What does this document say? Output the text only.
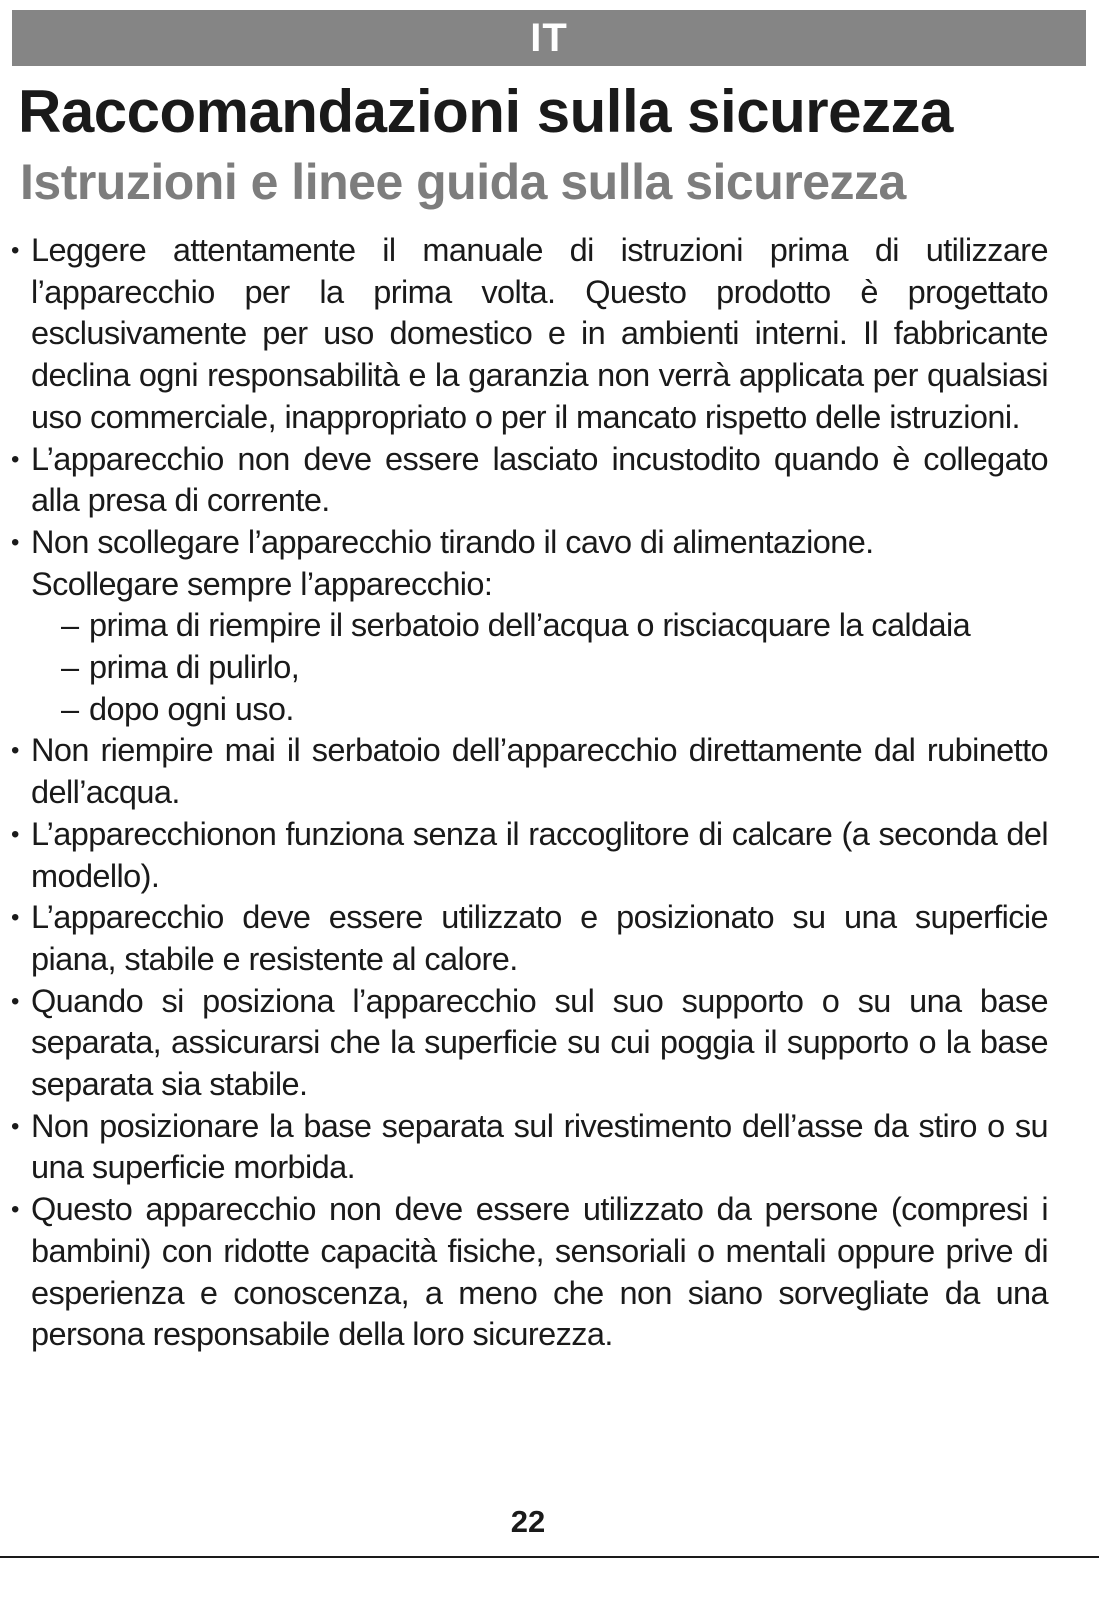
IT
Raccomandazioni sulla sicurezza
Istruzioni e linee guida sulla sicurezza
• Leggere attentamente il manuale di istruzioni prima di utilizzare l’apparecchio per la prima volta. Questo prodotto è progettato esclusivamente per uso domestico e in ambienti interni. Il fabbricante declina ogni responsabilità e la garanzia non verrà applicata per qualsiasi uso commerciale, inappropriato o per il mancato rispetto delle istruzioni.
• L’apparecchio non deve essere lasciato incustodito quando è collegato alla presa di corrente.
• Non scollegare l’apparecchio tirando il cavo di alimentazione.
Scollegare sempre l’apparecchio:
– prima di riempire il serbatoio dell’acqua o risciacquare la caldaia
– prima di pulirlo,
– dopo ogni uso.
• Non riempire mai il serbatoio dell’apparecchio direttamente dal rubinetto dell’acqua.
• L’apparecchionon funziona senza il raccoglitore di calcare (a seconda del modello).
• L’apparecchio deve essere utilizzato e posizionato su una superficie piana, stabile e resistente al calore.
• Quando si posiziona l’apparecchio sul suo supporto o su una base separata, assicurarsi che la superficie su cui poggia il supporto o la base separata sia stabile.
• Non posizionare la base separata sul rivestimento dell’asse da stiro o su una superficie morbida.
• Questo apparecchio non deve essere utilizzato da persone (compresi i bambini) con ridotte capacità fisiche, sensoriali o mentali oppure prive di esperienza e conoscenza, a meno che non siano sorvegliate da una persona responsabile della loro sicurezza.
22
